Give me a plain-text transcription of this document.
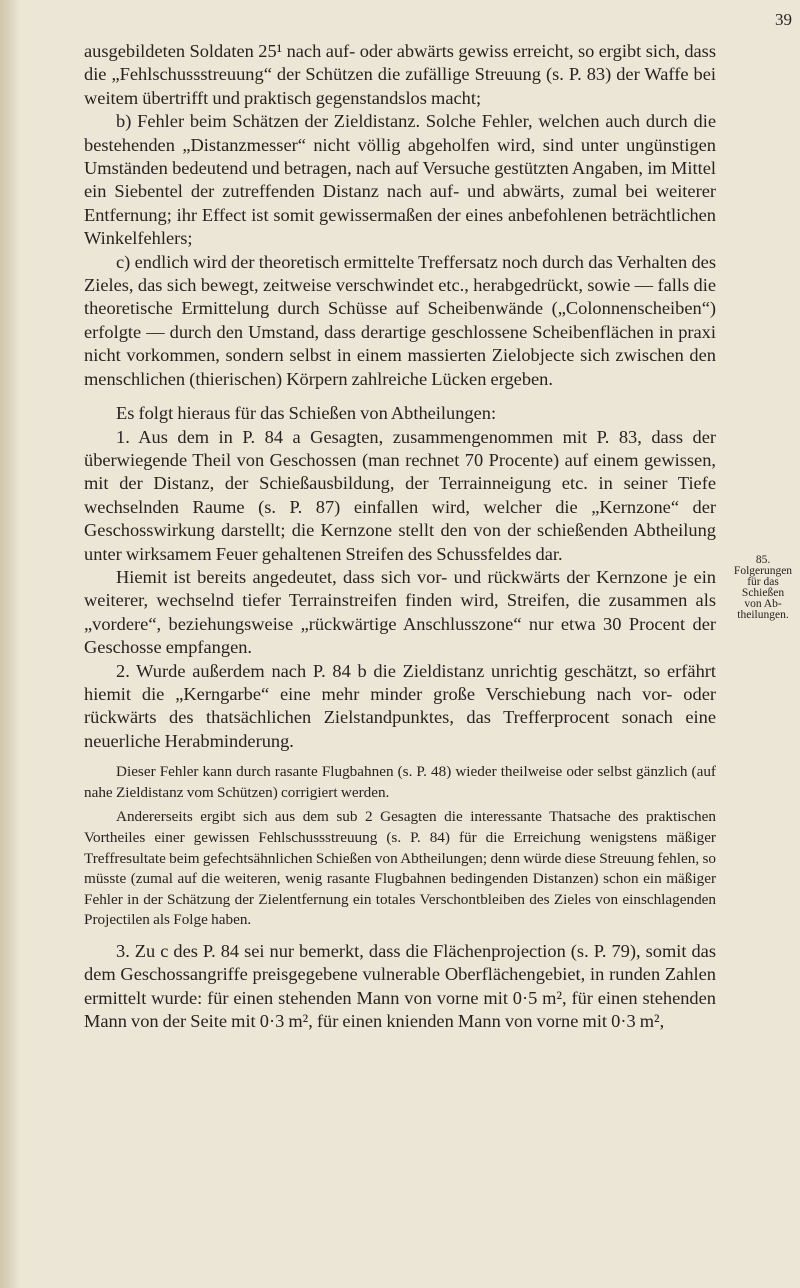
39

ausgebildeten Soldaten 25¹ nach auf- oder abwärts gewiss erreicht, so ergibt sich, dass die „Fehlschussstreuung“ der Schützen die zufällige Streuung (s. P. 83) der Waffe bei weitem übertrifft und praktisch gegenstandslos macht;

b) Fehler beim Schätzen der Zieldistanz. Solche Fehler, welchen auch durch die bestehenden „Distanzmesser“ nicht völlig abgeholfen wird, sind unter ungünstigen Umständen bedeutend und betragen, nach auf Versuche gestützten Angaben, im Mittel ein Siebentel der zutreffenden Distanz nach auf- und abwärts, zumal bei weiterer Entfernung; ihr Effect ist somit gewissermaßen der eines anbefohlenen beträchtlichen Winkelfehlers;

c) endlich wird der theoretisch ermittelte Treffersatz noch durch das Verhalten des Zieles, das sich bewegt, zeitweise verschwindet etc., herabgedrückt, sowie — falls die theoretische Ermittelung durch Schüsse auf Scheibenwände („Colonnenscheiben“) erfolgte — durch den Umstand, dass derartige geschlossene Scheibenflächen in praxi nicht vorkommen, sondern selbst in einem massierten Zielobjecte sich zwischen den menschlichen (thierischen) Körpern zahlreiche Lücken ergeben.

Es folgt hieraus für das Schießen von Abtheilungen:

1. Aus dem in P. 84 a Gesagten, zusammengenommen mit P. 83, dass der überwiegende Theil von Geschossen (man rechnet 70 Procente) auf einem gewissen, mit der Distanz, der Schießausbildung, der Terrainneigung etc. in seiner Tiefe wechselnden Raume (s. P. 87) einfallen wird, welcher die „Kernzone“ der Geschosswirkung darstellt; die Kernzone stellt den von der schießenden Abtheilung unter wirksamem Feuer gehaltenen Streifen des Schussfeldes dar.

Hiemit ist bereits angedeutet, dass sich vor- und rückwärts der Kernzone je ein weiterer, wechselnd tiefer Terrainstreifen finden wird, Streifen, die zusammen als „vordere“, beziehungsweise „rückwärtige Anschlusszone“ nur etwa 30 Procent der Geschosse empfangen.

2. Wurde außerdem nach P. 84 b die Zieldistanz unrichtig geschätzt, so erfährt hiemit die „Kerngarbe“ eine mehr minder große Verschiebung nach vor- oder rückwärts des thatsächlichen Zielstandpunktes, das Trefferprocent sonach eine neuerliche Herabminderung.

Dieser Fehler kann durch rasante Flugbahnen (s. P. 48) wieder theilweise oder selbst gänzlich (auf nahe Zieldistanz vom Schützen) corrigiert werden.

Andererseits ergibt sich aus dem sub 2 Gesagten die interessante Thatsache des praktischen Vortheiles einer gewissen Fehlschussstreuung (s. P. 84) für die Erreichung wenigstens mäßiger Treffresultate beim gefechtsähnlichen Schießen von Abtheilungen; denn würde diese Streuung fehlen, so müsste (zumal auf die weiteren, wenig rasante Flugbahnen bedingenden Distanzen) schon ein mäßiger Fehler in der Schätzung der Zielentfernung ein totales Verschontbleiben des Zieles von einschlagenden Projectilen als Folge haben.

3. Zu c des P. 84 sei nur bemerkt, dass die Flächenprojection (s. P. 79), somit das dem Geschossangriffe preisgegebene vulnerable Oberflächengebiet, in runden Zahlen ermittelt wurde: für einen stehenden Mann von vorne mit 0·5 m², für einen stehenden Mann von der Seite mit 0·3 m², für einen knienden Mann von vorne mit 0·3 m²,

85. Folgerungen
für das Schießen
von Ab-
theilungen.
